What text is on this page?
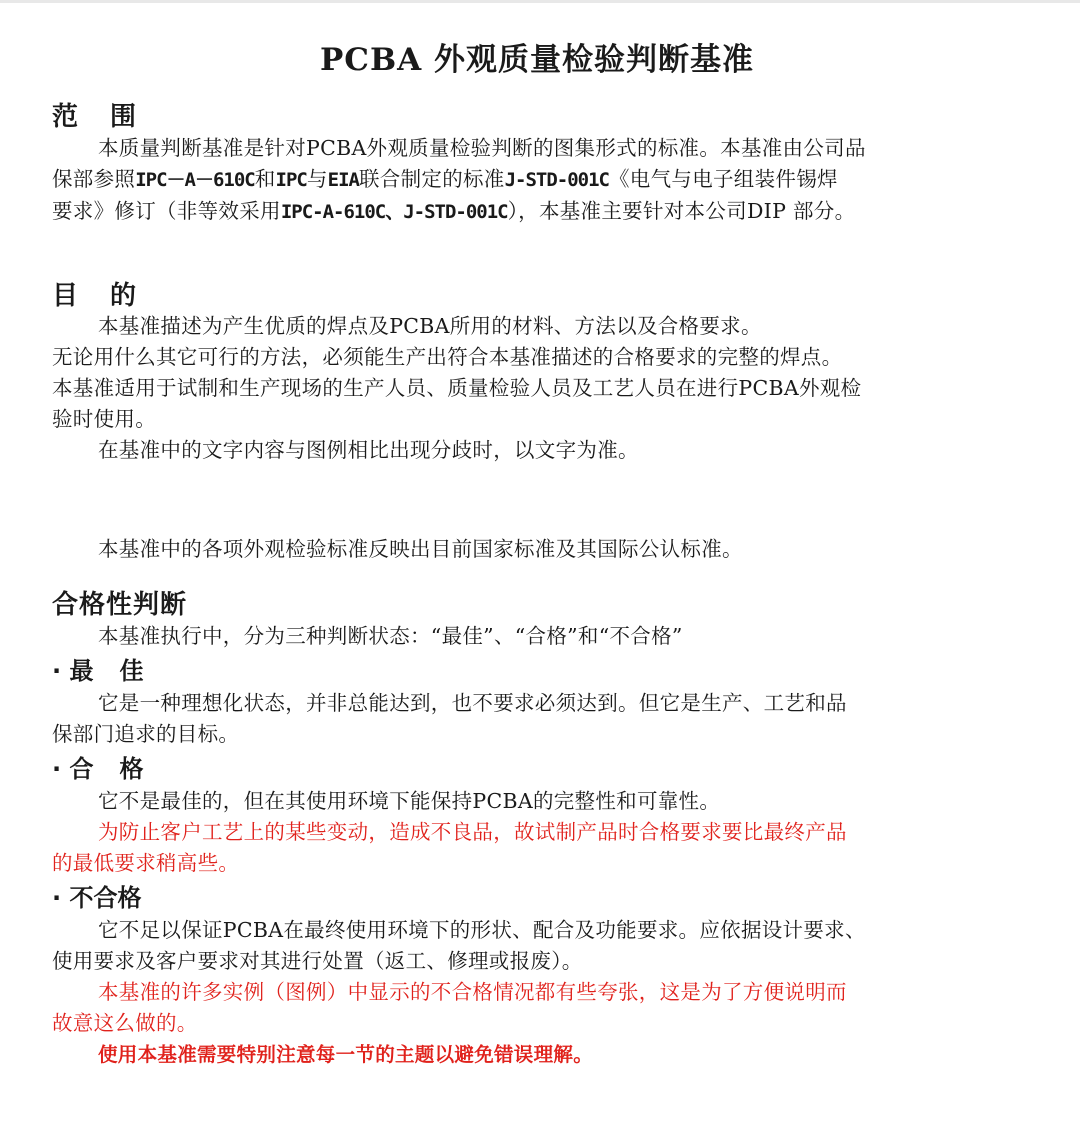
PCBA 外观质量检验判断基准
范 围

本质量判断基准是针对PCBA外观质量检验判断的图集形式的标准。本基准由公司品

保部参照IPC－A－610C和IPC与EIA联合制定的标准J-STD-001C《电气与电子组装件锡焊

要求》修订（非等效采用IPC-A-610C、J-STD-001C），本基准主要针对本公司DIP 部分。

目 的

本基准描述为产生优质的焊点及PCBA所用的材料、方法以及合格要求。

无论用什么其它可行的方法，必须能生产出符合本基准描述的合格要求的完整的焊点。

本基准适用于试制和生产现场的生产人员、质量检验人员及工艺人员在进行PCBA外观检

验时使用。

在基准中的文字内容与图例相比出现分歧时，以文字为准。

本基准中的各项外观检验标准反映出目前国家标准及其国际公认标准。

合格性判断

本基准执行中，分为三种判断状态：“最佳”、“合格”和“不合格”

· 最 佳

它是一种理想化状态，并非总能达到，也不要求必须达到。但它是生产、工艺和品

保部门追求的目标。

· 合 格

它不是最佳的，但在其使用环境下能保持PCBA的完整性和可靠性。

为防止客户工艺上的某些变动，造成不良品，故试制产品时合格要求要比最终产品

的最低要求稍高些。

· 不合格

它不足以保证PCBA在最终使用环境下的形状、配合及功能要求。应依据设计要求、

使用要求及客户要求对其进行处置（返工、修理或报废）。

本基准的许多实例（图例）中显示的不合格情况都有些夸张，这是为了方便说明而

故意这么做的。

使用本基准需要特别注意每一节的主题以避免错误理解。
